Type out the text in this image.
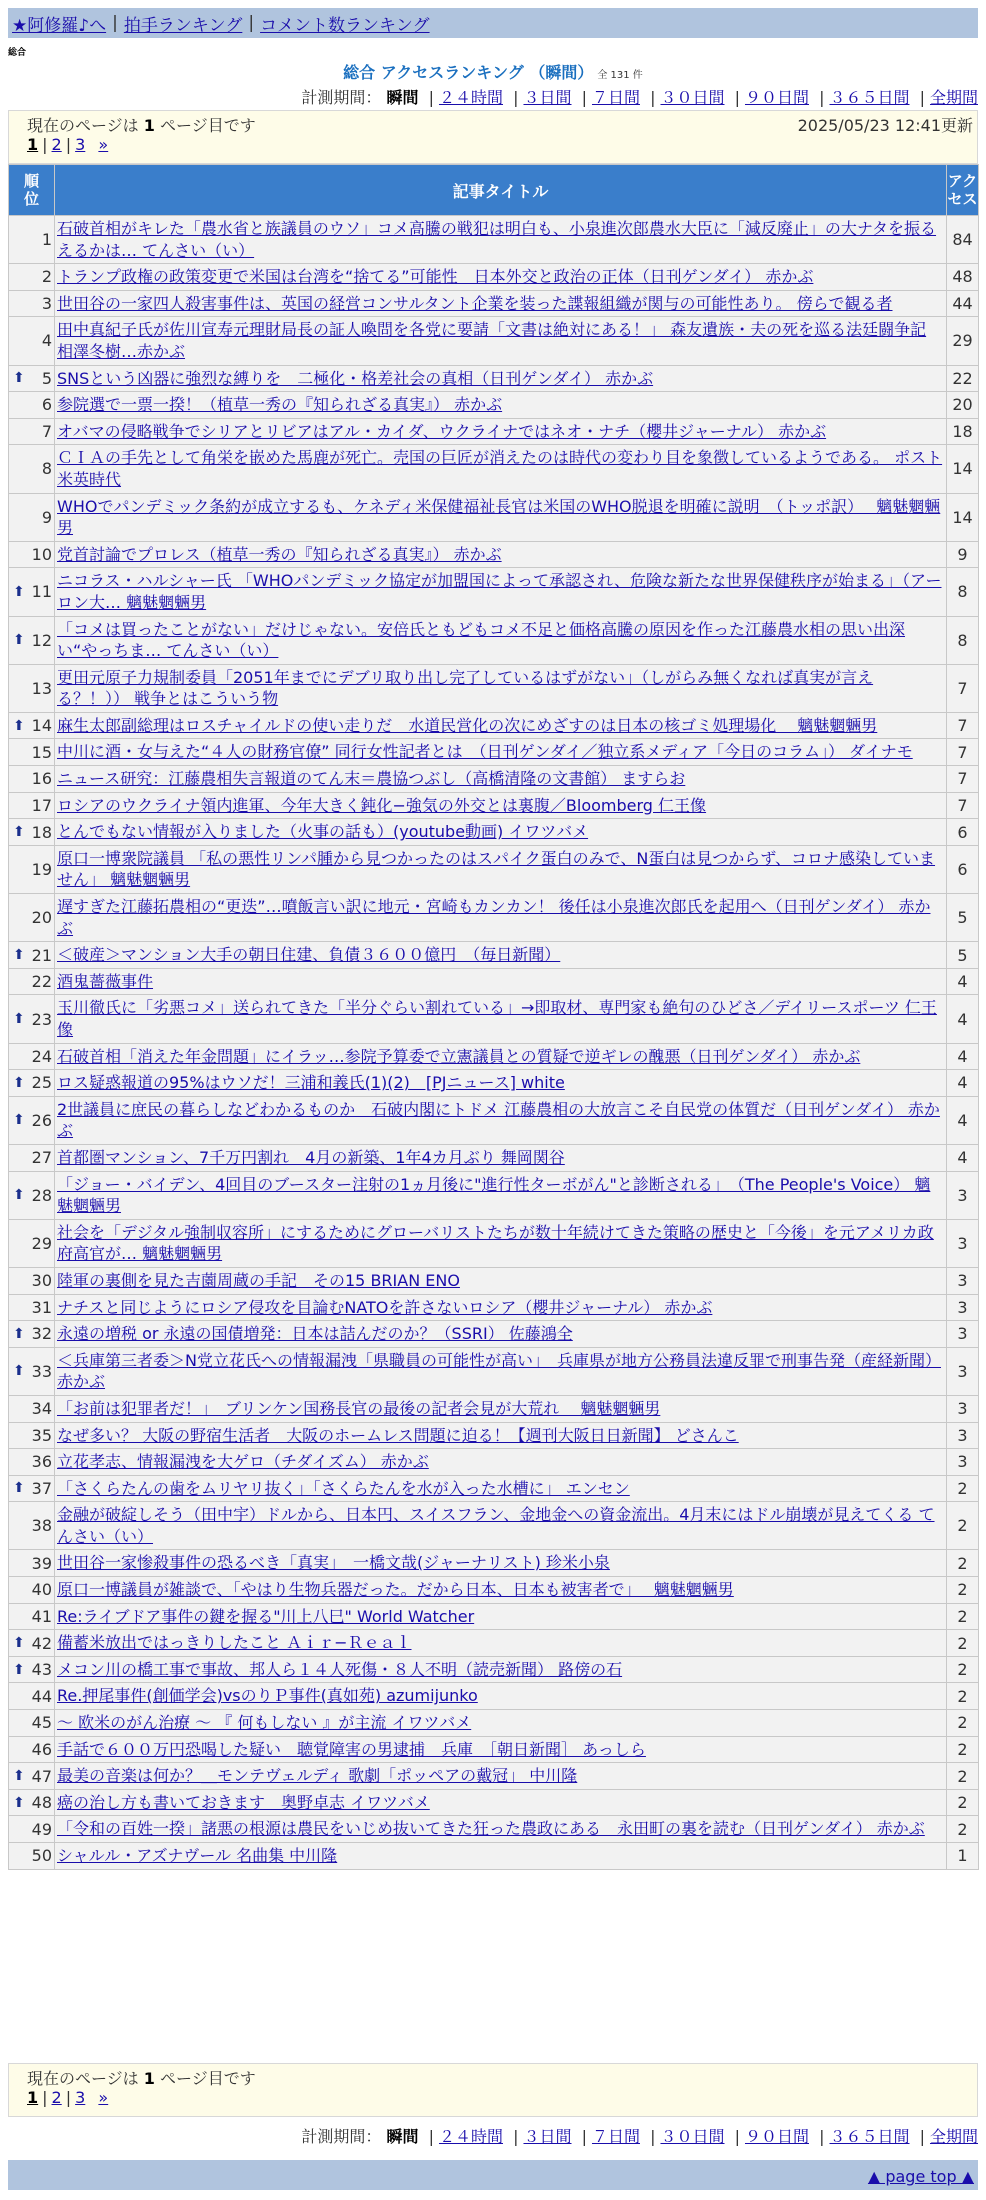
★阿修羅♪へ | 拍手ランキング | コメント数ランキング
総合
総合 アクセスランキング （瞬間） 全 131 件
計測期間： 瞬間 | ２４時間 | ３日間 | ７日間 | ３０日間 | ９０日間 | ３６５日間 | 全期間
現在のページは 1 ページ目です	2025/05/23 12:41更新
1 | 2 | 3 »
順位	記事タイトル	アクセス
1	石破首相がキレた「農水省と族議員のウソ」コメ高騰の戦犯は明白も、小泉進次郎農水大臣に「減反廃止」の大ナタを振るえるかは… てんさい（い）	84
2	トランプ政権の政策変更で米国は台湾を“捨てる”可能性　日本外交と政治の正体（日刊ゲンダイ） 赤かぶ	48
3	世田谷の一家四人殺害事件は、英国の経営コンサルタント企業を装った諜報組織が関与の可能性あり。 傍らで観る者	44
4	田中真紀子氏が佐川宣寿元理財局長の証人喚問を各党に要請「文書は絶対にある！」 森友遺族・夫の死を巡る法廷闘争記 相澤冬樹…赤かぶ	29

⬆ 5	SNSという凶器に強烈な縛りを　二極化・格差社会の真相（日刊ゲンダイ） 赤かぶ	22
6	参院選で一票一揆！（植草一秀の『知られざる真実』） 赤かぶ	20
7	オバマの侵略戦争でシリアとリビアはアル・カイダ、ウクライナではネオ・ナチ（櫻井ジャーナル） 赤かぶ	18
8	ＣＩＡの手先として角栄を嵌めた馬鹿が死亡。売国の巨匠が消えたのは時代の変わり目を象徴しているようである。 ポスト米英時代	14
9	WHOでパンデミック条約が成立するも、ケネディ米保健福祉長官は米国のWHO脱退を明確に説明　（トッポ訳）　 魑魅魍魎男	14
10	党首討論でプロレス（植草一秀の『知られざる真実』） 赤かぶ	9

⬆ 11	ニコラス・ハルシャー氏 「WHOパンデミック協定が加盟国によって承認され、危険な新たな世界保健秩序が始まる」（アーロン大… 魑魅魍魎男	8

⬆ 12	「コメは買ったことがない」だけじゃない。安倍氏ともどもコメ不足と価格高騰の原因を作った江藤農水相の思い出深い“やっちま… てんさい（い）	8
13	更田元原子力規制委員「2051年までにデブリ取り出し完了しているはずがない」（しがらみ無くなれば真実が言える？！）） 戦争とはこういう物	7

⬆ 14	麻生太郎副総理はロスチャイルドの使い走りだ　水道民営化の次にめざすのは日本の核ゴミ処理場化　 魑魅魍魎男	7
15	中川に酒・女与えた“４人の財務官僚” 同行女性記者とは　（日刊ゲンダイ／独立系メディア「今日のコラム」） ダイナモ	7
16	ニュース研究：江藤農相失言報道のてん末＝農協つぶし（高橋清隆の文書館） ますらお	7
17	ロシアのウクライナ領内進軍、今年大きく鈍化−強気の外交とは裏腹／Bloomberg 仁王像	7

⬆ 18	とんでもない情報が入りました（火事の話も）(youtube動画) イワツバメ	6
19	原口一博衆院議員 「私の悪性リンパ腫から見つかったのはスパイク蛋白のみで、N蛋白は見つからず、コロナ感染していません」 魑魅魍魎男	6
20	遅すぎた江藤拓農相の“更迭”…噴飯言い訳に地元・宮崎もカンカン！ 後任は小泉進次郎氏を起用へ（日刊ゲンダイ） 赤かぶ	5

⬆ 21	＜破産＞マンション大手の朝日住建、負債３６００億円　（毎日新聞）	5
22	酒鬼薔薇事件	4

⬆ 23	玉川徹氏に「劣悪コメ」送られてきた「半分ぐらい割れている」→即取材、専門家も絶句のひどさ／デイリースポーツ 仁王像	4
24	石破首相「消えた年金問題」にイラッ…参院予算委で立憲議員との質疑で逆ギレの醜悪（日刊ゲンダイ） 赤かぶ	4

⬆ 25	ロス疑惑報道の95%はウソだ！三浦和義氏(1)(2)　[PJニュース] white	4

⬆ 26	2世議員に庶民の暮らしなどわかるものか　石破内閣にトドメ 江藤農相の大放言こそ自民党の体質だ（日刊ゲンダイ） 赤かぶ	4
27	首都圏マンション、7千万円割れ　4月の新築、1年4カ月ぶり 舞岡関谷	4

⬆ 28	「ジョー・バイデン、4回目のブースター注射の1ヵ月後に"進行性ターボがん"と診断される」　（The People's Voice） 魑魅魍魎男	3
29	社会を「デジタル強制収容所」にするためにグローバリストたちが数十年続けてきた策略の歴史と「今後」を元アメリカ政府高官が… 魑魅魍魎男	3
30	陸軍の裏側を見た吉薗周蔵の手記　その15 BRIAN ENO	3
31	ナチスと同じようにロシア侵攻を目論むNATOを許さないロシア（櫻井ジャーナル） 赤かぶ	3

⬆ 32	永遠の増税 or 永遠の国債増発：日本は詰んだのか？（SSRI） 佐藤鴻全	3

⬆ 33	＜兵庫第三者委＞N党立花氏への情報漏洩「県職員の可能性が高い」　兵庫県が地方公務員法違反罪で刑事告発（産経新聞） 赤かぶ	3
34	「お前は犯罪者だ！」　ブリンケン国務長官の最後の記者会見が大荒れ　 魑魅魍魎男	3
35	なぜ多い？ 大阪の野宿生活者　大阪のホームレス問題に迫る！【週刊大阪日日新聞】 どさんこ	3
36	立花孝志、情報漏洩を大ゲロ（チダイズム） 赤かぶ	3

⬆ 37	「さくらたんの歯をムリヤリ抜く」「さくらたんを水が入った水槽に」 エンセン	2
38	金融が破綻しそう（田中宇）ドルから、日本円、スイスフラン、金地金への資金流出。4月末にはドル崩壊が見えてくる てんさい（い）	2
39	世田谷一家惨殺事件の恐るべき「真実」　一橋文哉(ジャーナリスト) 珍米小泉	2
40	原口一博議員が雑談で、「やはり生物兵器だった。だから日本、日本も被害者で」　 魑魅魍魎男	2
41	Re:ライブドア事件の鍵を握る"川上八巳" World Watcher	2

⬆ 42	備蓄米放出ではっきりしたこと Ａｉｒ−Ｒｅａｌ	2

⬆ 43	メコン川の橋工事で事故、邦人ら１４人死傷・８人不明（読売新聞） 路傍の石	2
44	Re.押尾事件(創価学会)vsのりＰ事件(真如苑) azumijunko	2
45	～ 欧米のがん治療 ～ 『 何もしない 』が主流 イワツバメ	2
46	手話で６００万円恐喝した疑い　聴覚障害の男逮捕　兵庫　［朝日新聞］ あっしら	2

⬆ 47	最美の音楽は何か？＿モンテヴェルディ 歌劇「ポッペアの戴冠」 中川隆	2

⬆ 48	癌の治し方も書いておきます　奥野卓志 イワツバメ	2
49	「令和の百姓一揆」諸悪の根源は農民をいじめ抜いてきた狂った農政にある　永田町の裏を読む（日刊ゲンダイ） 赤かぶ	2
50	シャルル・アズナヴール 名曲集 中川隆	1
現在のページは 1 ページ目です
1 | 2 | 3 »
計測期間： 瞬間 | ２４時間 | ３日間 | ７日間 | ３０日間 | ９０日間 | ３６５日間 | 全期間
▲ page top ▲
